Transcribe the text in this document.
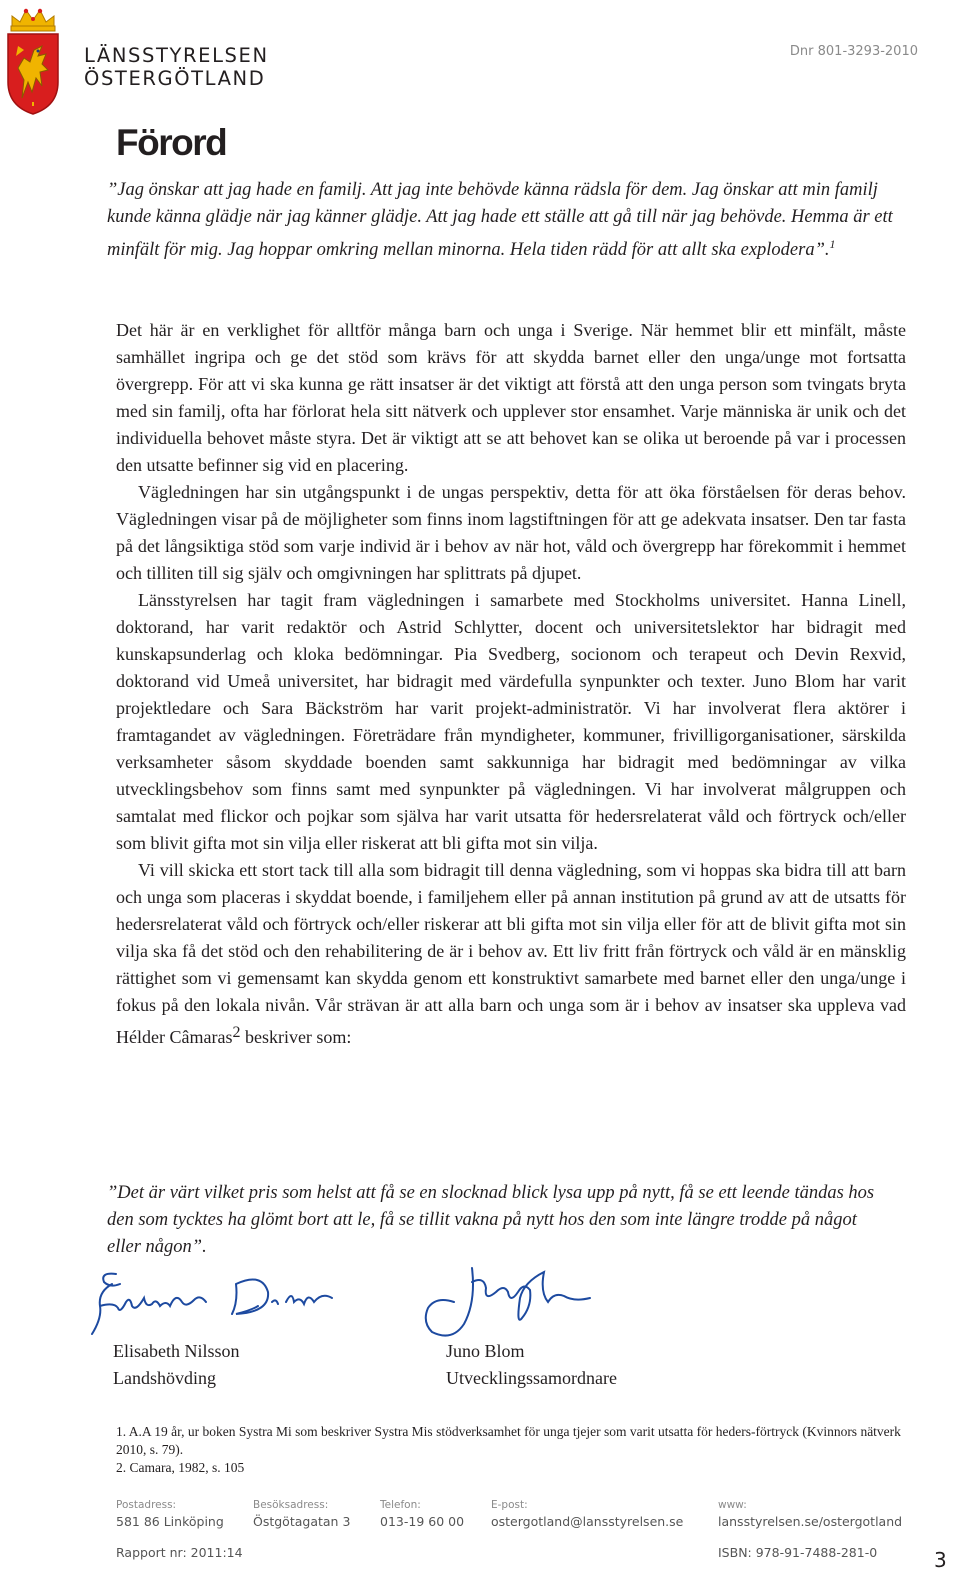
LÄNSSTYRELSEN
ÖSTERGÖTLAND
Dnr 801-3293-2010
Förord
”Jag önskar att jag hade en familj. Att jag inte behövde känna rädsla för dem. Jag önskar att min familj kunde känna glädje när jag känner glädje. Att jag hade ett ställe att gå till när jag behövde. Hemma är ett minfält för mig. Jag hoppar omkring mellan minorna. Hela tiden rädd för att allt ska explodera”.$^1$

Det här är en verklighet för alltför många barn och unga i Sverige. När hemmet blir ett minfält, måste samhället ingripa och ge det stöd som krävs för att skydda barnet eller den unga/unge mot fortsatta övergrepp. För att vi ska kunna ge rätt insatser är det viktigt att förstå att den unga person som tvingats bryta med sin familj, ofta har förlorat hela sitt nätverk och upplever stor ensamhet. Varje människa är unik och det individuella behovet måste styra. Det är viktigt att se att behovet kan se olika ut beroende på var i processen den utsatte befinner sig vid en placering.

Vägledningen har sin utgångspunkt i de ungas perspektiv, detta för att öka förståelsen för deras behov. Vägledningen visar på de möjligheter som finns inom lagstiftningen för att ge adekvata insatser. Den tar fasta på det långsiktiga stöd som varje individ är i behov av när hot, våld och övergrepp har förekommit i hemmet och tilliten till sig själv och omgivningen har splittrats på djupet.

Länsstyrelsen har tagit fram vägledningen i samarbete med Stockholms universitet. Hanna Linell, doktorand, har varit redaktör och Astrid Schlytter, docent och universitetslektor har bidragit med kunskapsunderlag och kloka bedömningar. Pia Svedberg, socionom och terapeut och Devin Rexvid, doktorand vid Umeå universitet, har bidragit med värdefulla synpunkter och texter. Juno Blom har varit projektledare och Sara Bäckström har varit projekt-administratör. Vi har involverat flera aktörer i framtagandet av vägledningen. Företrädare från myndigheter, kommuner, frivilligorganisationer, särskilda verksamheter såsom skyddade boenden samt sakkunniga har bidragit med bedömningar av vilka utvecklingsbehov som finns samt med synpunkter på vägledningen. Vi har involverat målgruppen och samtalat med flickor och pojkar som själva har varit utsatta för hedersrelaterat våld och förtryck och/eller som blivit gifta mot sin vilja eller riskerat att bli gifta mot sin vilja.

Vi vill skicka ett stort tack till alla som bidragit till denna vägledning, som vi hoppas ska bidra till att barn och unga som placeras i skyddat boende, i familjehem eller på annan institution på grund av att de utsatts för hedersrelaterat våld och förtryck och/eller riskerar att bli gifta mot sin vilja eller för att de blivit gifta mot sin vilja ska få det stöd och den rehabilitering de är i behov av. Ett liv fritt från förtryck och våld är en mänsklig rättighet som vi gemensamt kan skydda genom ett konstruktivt samarbete med barnet eller den unga/unge i fokus på den lokala nivån. Vår strävan är att alla barn och unga som är i behov av insatser ska uppleva vad Hélder Câmaras2 beskriver som:

”Det är värt vilket pris som helst att få se en slocknad blick lysa upp på nytt, få se ett leende tändas hos den som tycktes ha glömt bort att le, få se tillit vakna på nytt hos den som inte längre trodde på något eller någon”.
Elisabeth Nilsson
Landshövding
Juno Blom
Utvecklingssamordnare

1. A.A 19 år, ur boken Systra Mi som beskriver Systra Mis stödverksamhet för unga tjejer som varit utsatta för heders-förtryck (Kvinnors nätverk 2010, s. 79).

2. Camara, 1982, s. 105

Postadress:
581 86 Linköping
Besöksadress:
Östgötagatan 3
Telefon:
013-19 60 00
E-post:
ostergotland@lansstyrelsen.se
www:
lansstyrelsen.se/ostergotland
Rapport nr: 2011:14	ISBN: 978-91-7488-281-0	3
